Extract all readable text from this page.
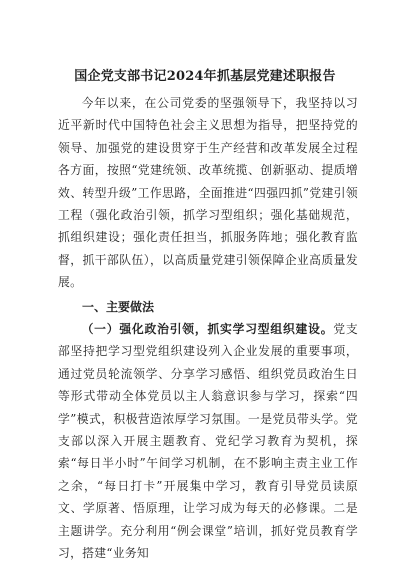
国企党支部书记2024年抓基层党建述职报告

今年以来，在公司党委的坚强领导下，我坚持以习近平新时代中国特色社会主义思想为指导，把坚持党的领导、加强党的建设贯穿于生产经营和改革发展全过程各方面，按照“党建统领、改革统揽、创新驱动、提质增效、转型升级”工作思路，全面推进“四强四抓”党建引领工程（强化政治引领，抓学习型组织；强化基础规范，抓组织建设；强化责任担当，抓服务阵地；强化教育监督，抓干部队伍），以高质量党建引领保障企业高质量发展。

一、主要做法

（一）强化政治引领，抓实学习型组织建设。党支部坚持把学习型党组织建设列入企业发展的重要事项，通过党员轮流领学、分享学习感悟、组织党员政治生日等形式带动全体党员以主人翁意识参与学习，探索“四学”模式，积极营造浓厚学习氛围。一是党员带头学。党支部以深入开展主题教育、党纪学习教育为契机，探索“每日半小时”午间学习机制，在不影响主责主业工作之余，“每日打卡”开展集中学习，教育引导党员读原文、学原著、悟原理，让学习成为每天的必修课。二是主题讲学。充分利用“例会课堂”培训，抓好党员教育学习，搭建“业务知
